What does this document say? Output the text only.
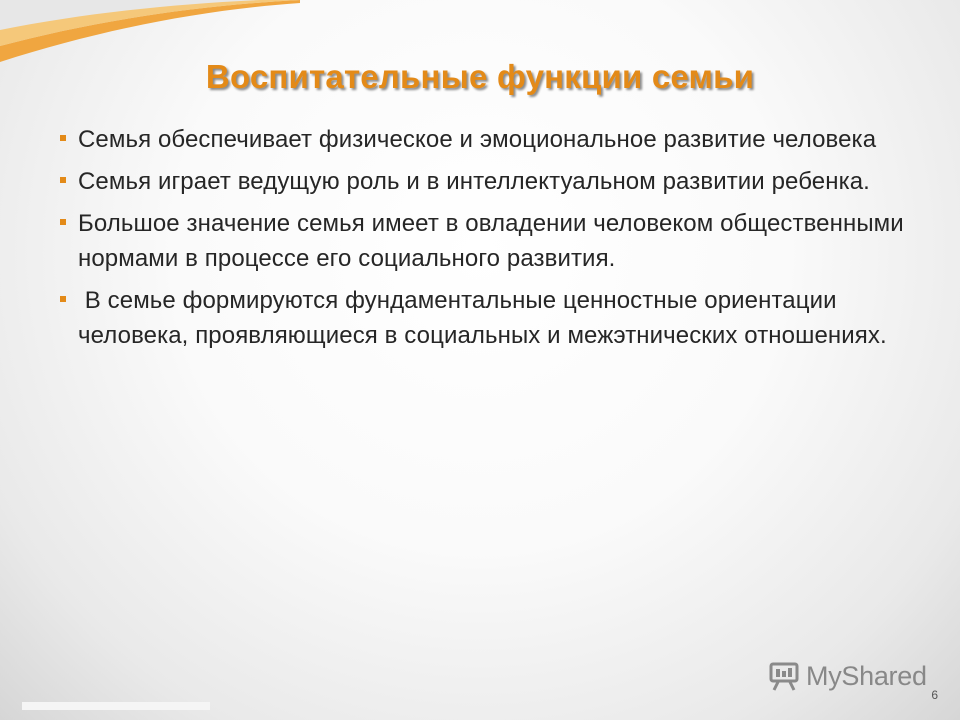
Воспитательные функции семьи
Семья обеспечивает физическое и эмоциональное развитие человека
Семья играет ведущую роль и в интеллектуальном развитии ребенка.
Большое значение семья имеет в овладении человеком общественными нормами в процессе его социального развития.
В семье формируются фундаментальные ценностные ориентации человека, проявляющиеся в социальных и межэтнических отношениях.
MyShared
6
